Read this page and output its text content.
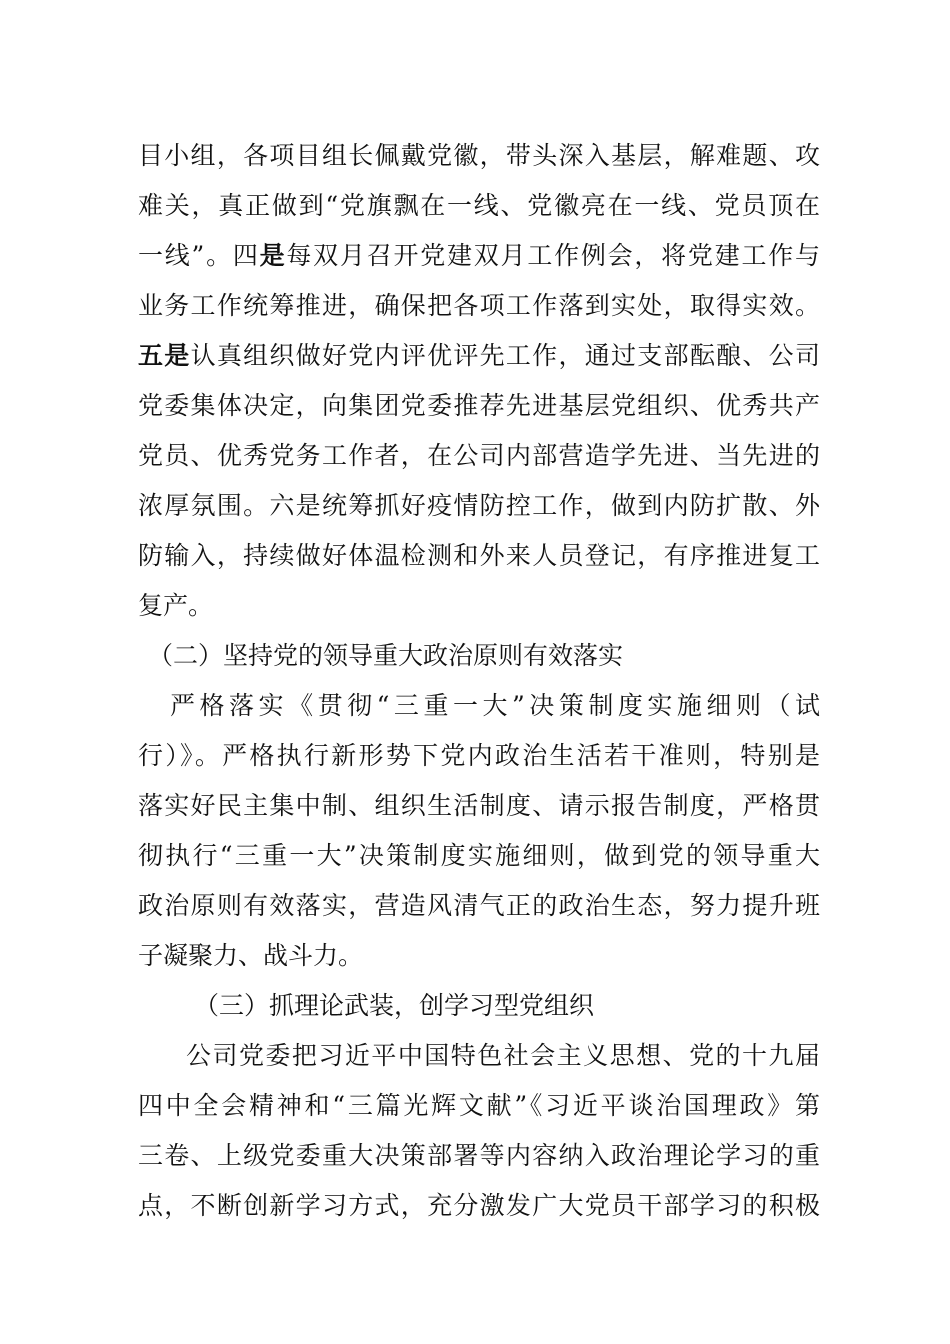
目小组，各项目组长佩戴党徽，带头深入基层，解难题、攻
难关，真正做到“党旗飘在一线、党徽亮在一线、党员顶在
一线”。四是每双月召开党建双月工作例会，将党建工作与
业务工作统筹推进，确保把各项工作落到实处，取得实效。
五是认真组织做好党内评优评先工作，通过支部酝酿、公司
党委集体决定，向集团党委推荐先进基层党组织、优秀共产
党员、优秀党务工作者，在公司内部营造学先进、当先进的
浓厚氛围。六是统筹抓好疫情防控工作，做到内防扩散、外
防输入，持续做好体温检测和外来人员登记，有序推进复工
复产。
（二）坚持党的领导重大政治原则有效落实
严格落实《贯彻“三重一大”决策制度实施细则（试
行）》。严格执行新形势下党内政治生活若干准则，特别是
落实好民主集中制、组织生活制度、请示报告制度，严格贯
彻执行“三重一大”决策制度实施细则，做到党的领导重大
政治原则有效落实，营造风清气正的政治生态，努力提升班
子凝聚力、战斗力。
（三）抓理论武装，创学习型党组织
公司党委把习近平中国特色社会主义思想、党的十九届
四中全会精神和“三篇光辉文献”《习近平谈治国理政》第
三卷、上级党委重大决策部署等内容纳入政治理论学习的重
点，不断创新学习方式，充分激发广大党员干部学习的积极
